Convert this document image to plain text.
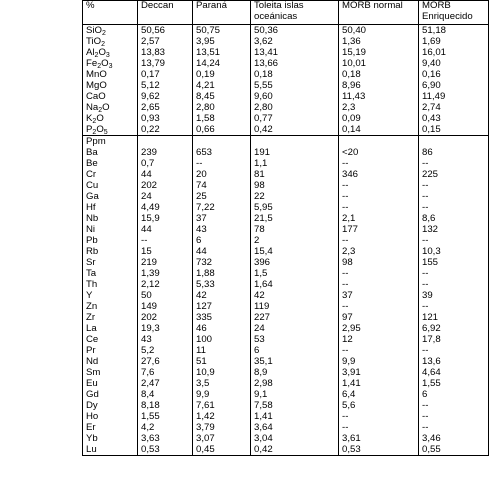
%	Deccan	Paraná	Toleita islas oceánicas	MORB normal	MORB Enriquecido
SiO$_2$	50,56	50,75	50,36	50,40	51,18
TiO$_2$	2,57	3,95	3,62	1,36	1,69
$Al_2O_3$	13,83	13,51	13,41	15,19	16,01
$Fe_2O_3$	13,79	14,24	13,66	10,01	9,40
MnO	0,17	0,19	0,18	0,18	0,16
MgO	5,12	4,21	5,55	8,96	6,90
CaO	9,62	8,45	9,60	11,43	11,49
$Na_2O$	2,65	2,80	2,80	2,3	2,74
$K_2O$	0,93	1,58	0,77	0,09	0,43
$P_2O_5$	0,22	0,66	0,42	0,14	0,15
Ppm					
Ba	239	653	191	<20	86
Be	0,7	--	1,1	--	--
Cr	44	20	81	346	225
Cu	202	74	98	--	--
Ga	24	25	22	--	--
Hf	4,49	7,22	5,95	--	--
Nb	15,9	37	21,5	2,1	8,6
Ni	44	43	78	177	132
Pb	--	6	2	--	--
Rb	15	44	15,4	2,3	10,3
Sr	219	732	396	98	155
Ta	1,39	1,88	1,5	--	--
Th	2,12	5,33	1,64	--	--
Y	50	42	42	37	39
Zn	149	127	119	--	--
Zr	202	335	227	97	121
La	19,3	46	24	2,95	6,92
Ce	43	100	53	12	17,8
Pr	5,2	11	6	--	--
Nd	27,6	51	35,1	9,9	13,6
Sm	7,6	10,9	8,9	3,91	4,64
Eu	2,47	3,5	2,98	1,41	1,55
Gd	8,4	9,9	9,1	6,4	6
Dy	8,18	7,61	7,58	5,6	--
Ho	1,55	1,42	1,41	--	--
Er	4,2	3,79	3,64	--	--
Yb	3,63	3,07	3,04	3,61	3,46
Lu	0,53	0,45	0,42	0,53	0,55
